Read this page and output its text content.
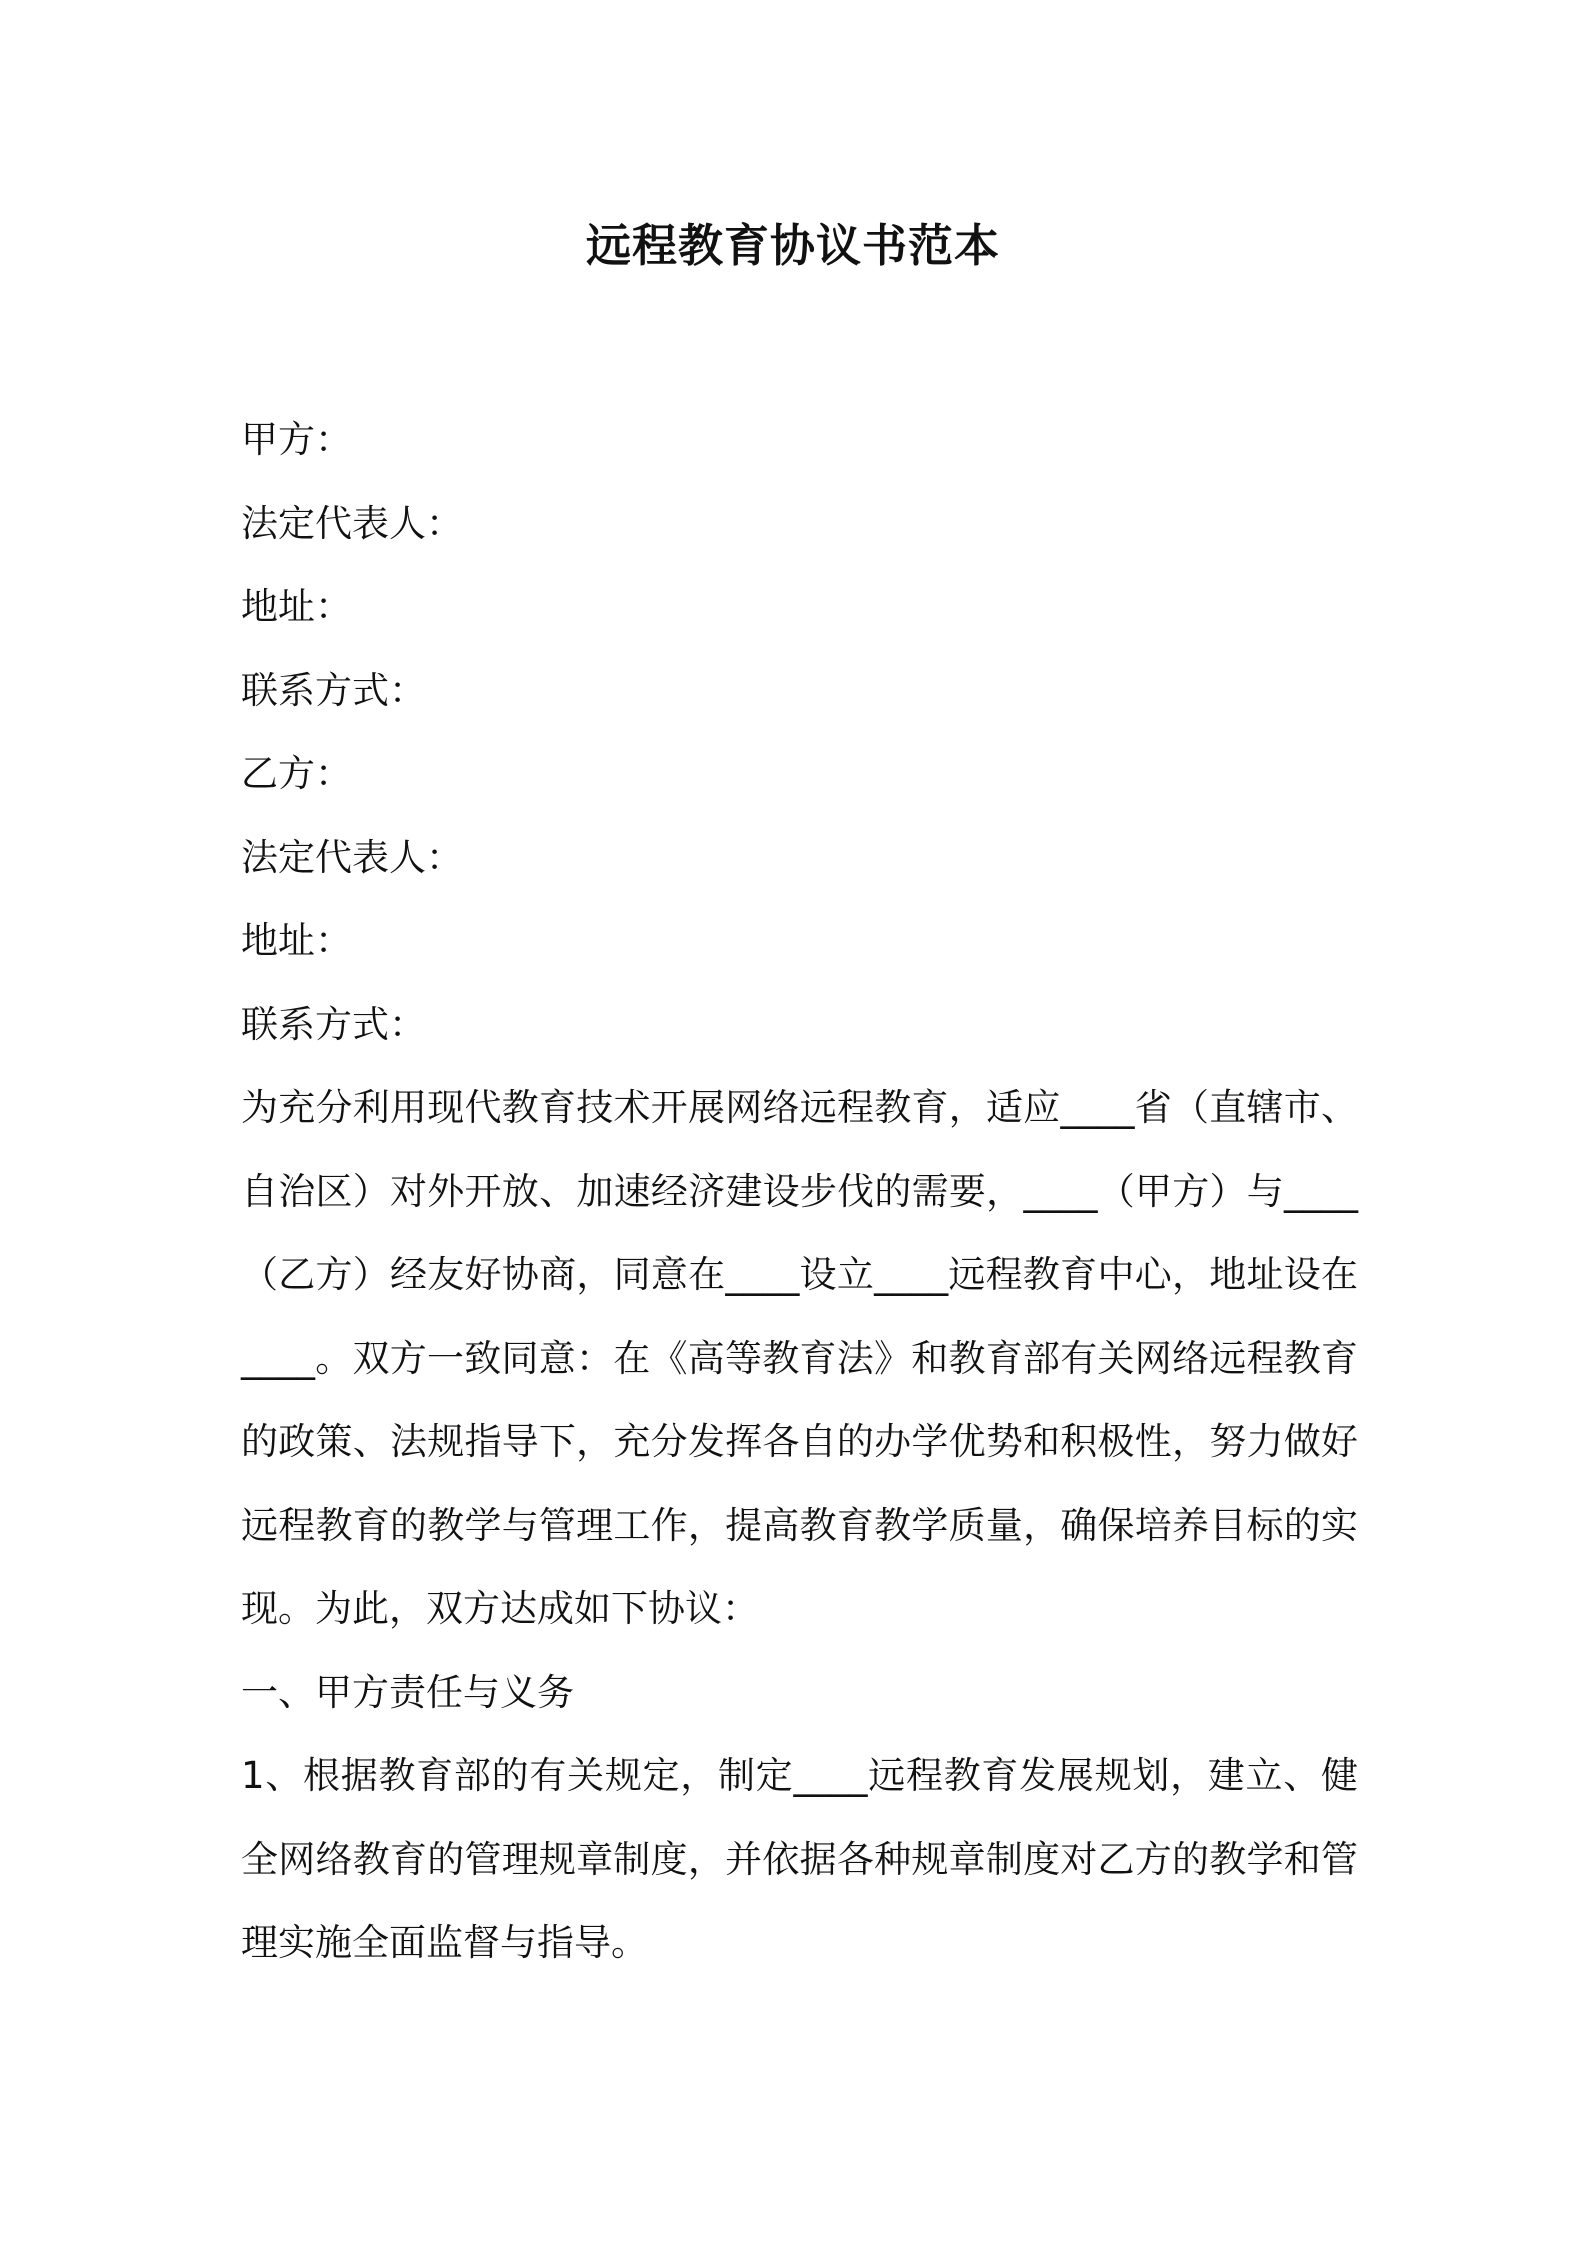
远程教育协议书范本
甲方：
法定代表人：
地址：
联系方式：
乙方：
法定代表人：
地址：
联系方式：
为充分利用现代教育技术开展网络远程教育，适应____省（直辖市、自治区）对外开放、加速经济建设步伐的需要，____（甲方）与____（乙方）经友好协商，同意在____设立____远程教育中心，地址设在____。双方一致同意：在《高等教育法》和教育部有关网络远程教育的政策、法规指导下，充分发挥各自的办学优势和积极性，努力做好远程教育的教学与管理工作，提高教育教学质量，确保培养目标的实现。为此，双方达成如下协议：
一、甲方责任与义务
1、根据教育部的有关规定，制定____远程教育发展规划，建立、健全网络教育的管理规章制度，并依据各种规章制度对乙方的教学和管理实施全面监督与指导。
